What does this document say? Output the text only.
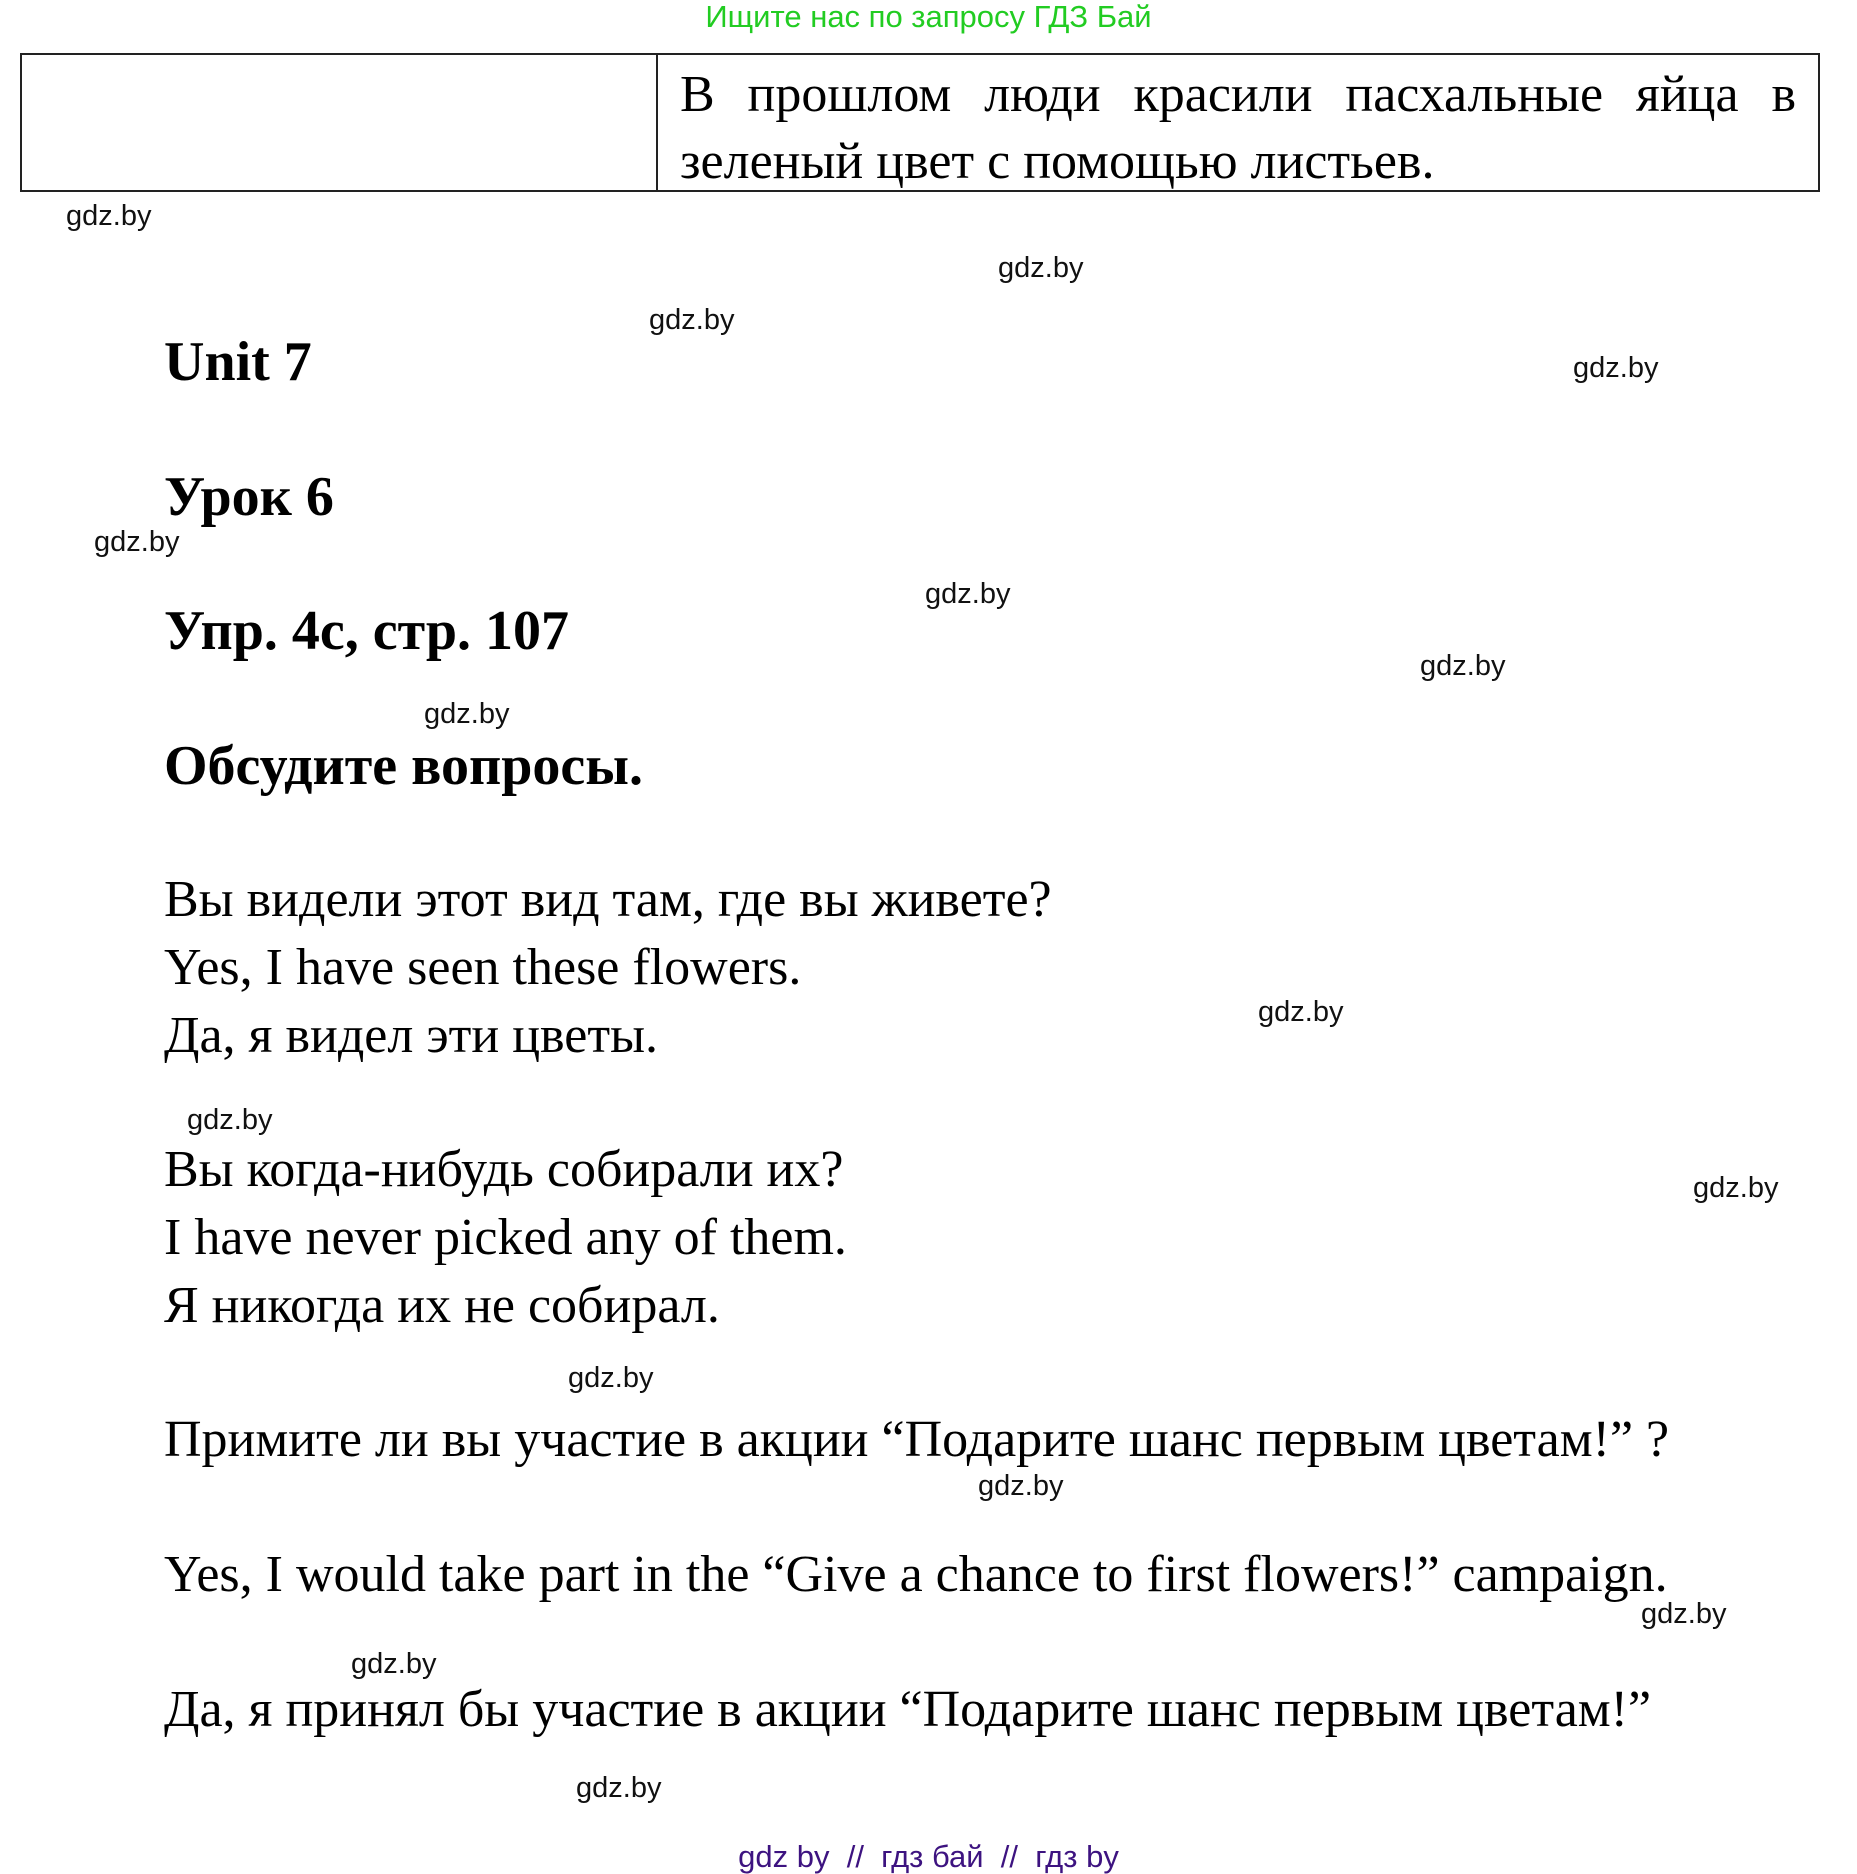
Ищите нас по запросу ГДЗ Бай
В прошлом люди красили пасхальные яйца в зеленый цвет с помощью листьев.
Unit 7
Урок 6
Упр. 4с, стр. 107
Обсудите вопросы.
Вы видели этот вид там, где вы живете?
Yes, I have seen these flowers.
Да, я видел эти цветы.
Вы когда-нибудь собирали их?
I have never picked any of them.
Я никогда их не собирал.
Примите ли вы участие в акции “Подарите шанс первым цветам!” ?
Yes, I would take part in the “Give a chance to first flowers!” campaign.
Да, я принял бы участие в акции “Подарите шанс первым цветам!”
gdz.by
gdz.by
gdz.by
gdz.by
gdz.by
gdz.by
gdz.by
gdz.by
gdz.by
gdz.by
gdz.by
gdz.by
gdz.by
gdz.by
gdz.by
gdz.by
gdz by  //  гдз бай  //  гдз by
